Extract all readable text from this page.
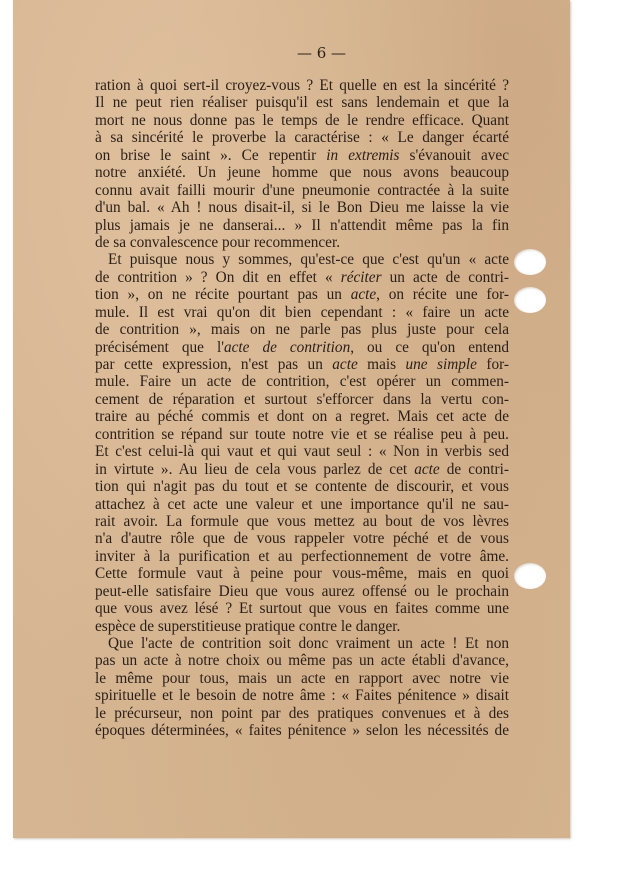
— 6 —
ration à quoi sert-il croyez-vous ? Et quelle en est la sincérité ?
Il ne peut rien réaliser puisqu'il est sans lendemain et que la
mort ne nous donne pas le temps de le rendre efficace. Quant
à sa sincérité le proverbe la caractérise : « Le danger écarté
on brise le saint ». Ce repentir in extremis s'évanouit avec
notre anxiété. Un jeune homme que nous avons beaucoup
connu avait failli mourir d'une pneumonie contractée à la suite
d'un bal. « Ah ! nous disait-il, si le Bon Dieu me laisse la vie
plus jamais je ne danserai... » Il n'attendit même pas la fin
de sa convalescence pour recommencer.
Et puisque nous y sommes, qu'est-ce que c'est qu'un « acte
de contrition » ? On dit en effet « réciter un acte de contri-
tion », on ne récite pourtant pas un acte, on récite une for-
mule. Il est vrai qu'on dit bien cependant : « faire un acte
de contrition », mais on ne parle pas plus juste pour cela
précisément que l'acte de contrition, ou ce qu'on entend
par cette expression, n'est pas un acte mais une simple for-
mule. Faire un acte de contrition, c'est opérer un commen-
cement de réparation et surtout s'efforcer dans la vertu con-
traire au péché commis et dont on a regret. Mais cet acte de
contrition se répand sur toute notre vie et se réalise peu à peu.
Et c'est celui-là qui vaut et qui vaut seul : « Non in verbis sed
in virtute ». Au lieu de cela vous parlez de cet acte de contri-
tion qui n'agit pas du tout et se contente de discourir, et vous
attachez à cet acte une valeur et une importance qu'il ne sau-
rait avoir. La formule que vous mettez au bout de vos lèvres
n'a d'autre rôle que de vous rappeler votre péché et de vous
inviter à la purification et au perfectionnement de votre âme.
Cette formule vaut à peine pour vous-même, mais en quoi
peut-elle satisfaire Dieu que vous aurez offensé ou le prochain
que vous avez lésé ? Et surtout que vous en faites comme une
espèce de superstitieuse pratique contre le danger.
Que l'acte de contrition soit donc vraiment un acte ! Et non
pas un acte à notre choix ou même pas un acte établi d'avance,
le même pour tous, mais un acte en rapport avec notre vie
spirituelle et le besoin de notre âme : « Faites pénitence » disait
le précurseur, non point par des pratiques convenues et à des
époques déterminées, « faites pénitence » selon les nécessités de
